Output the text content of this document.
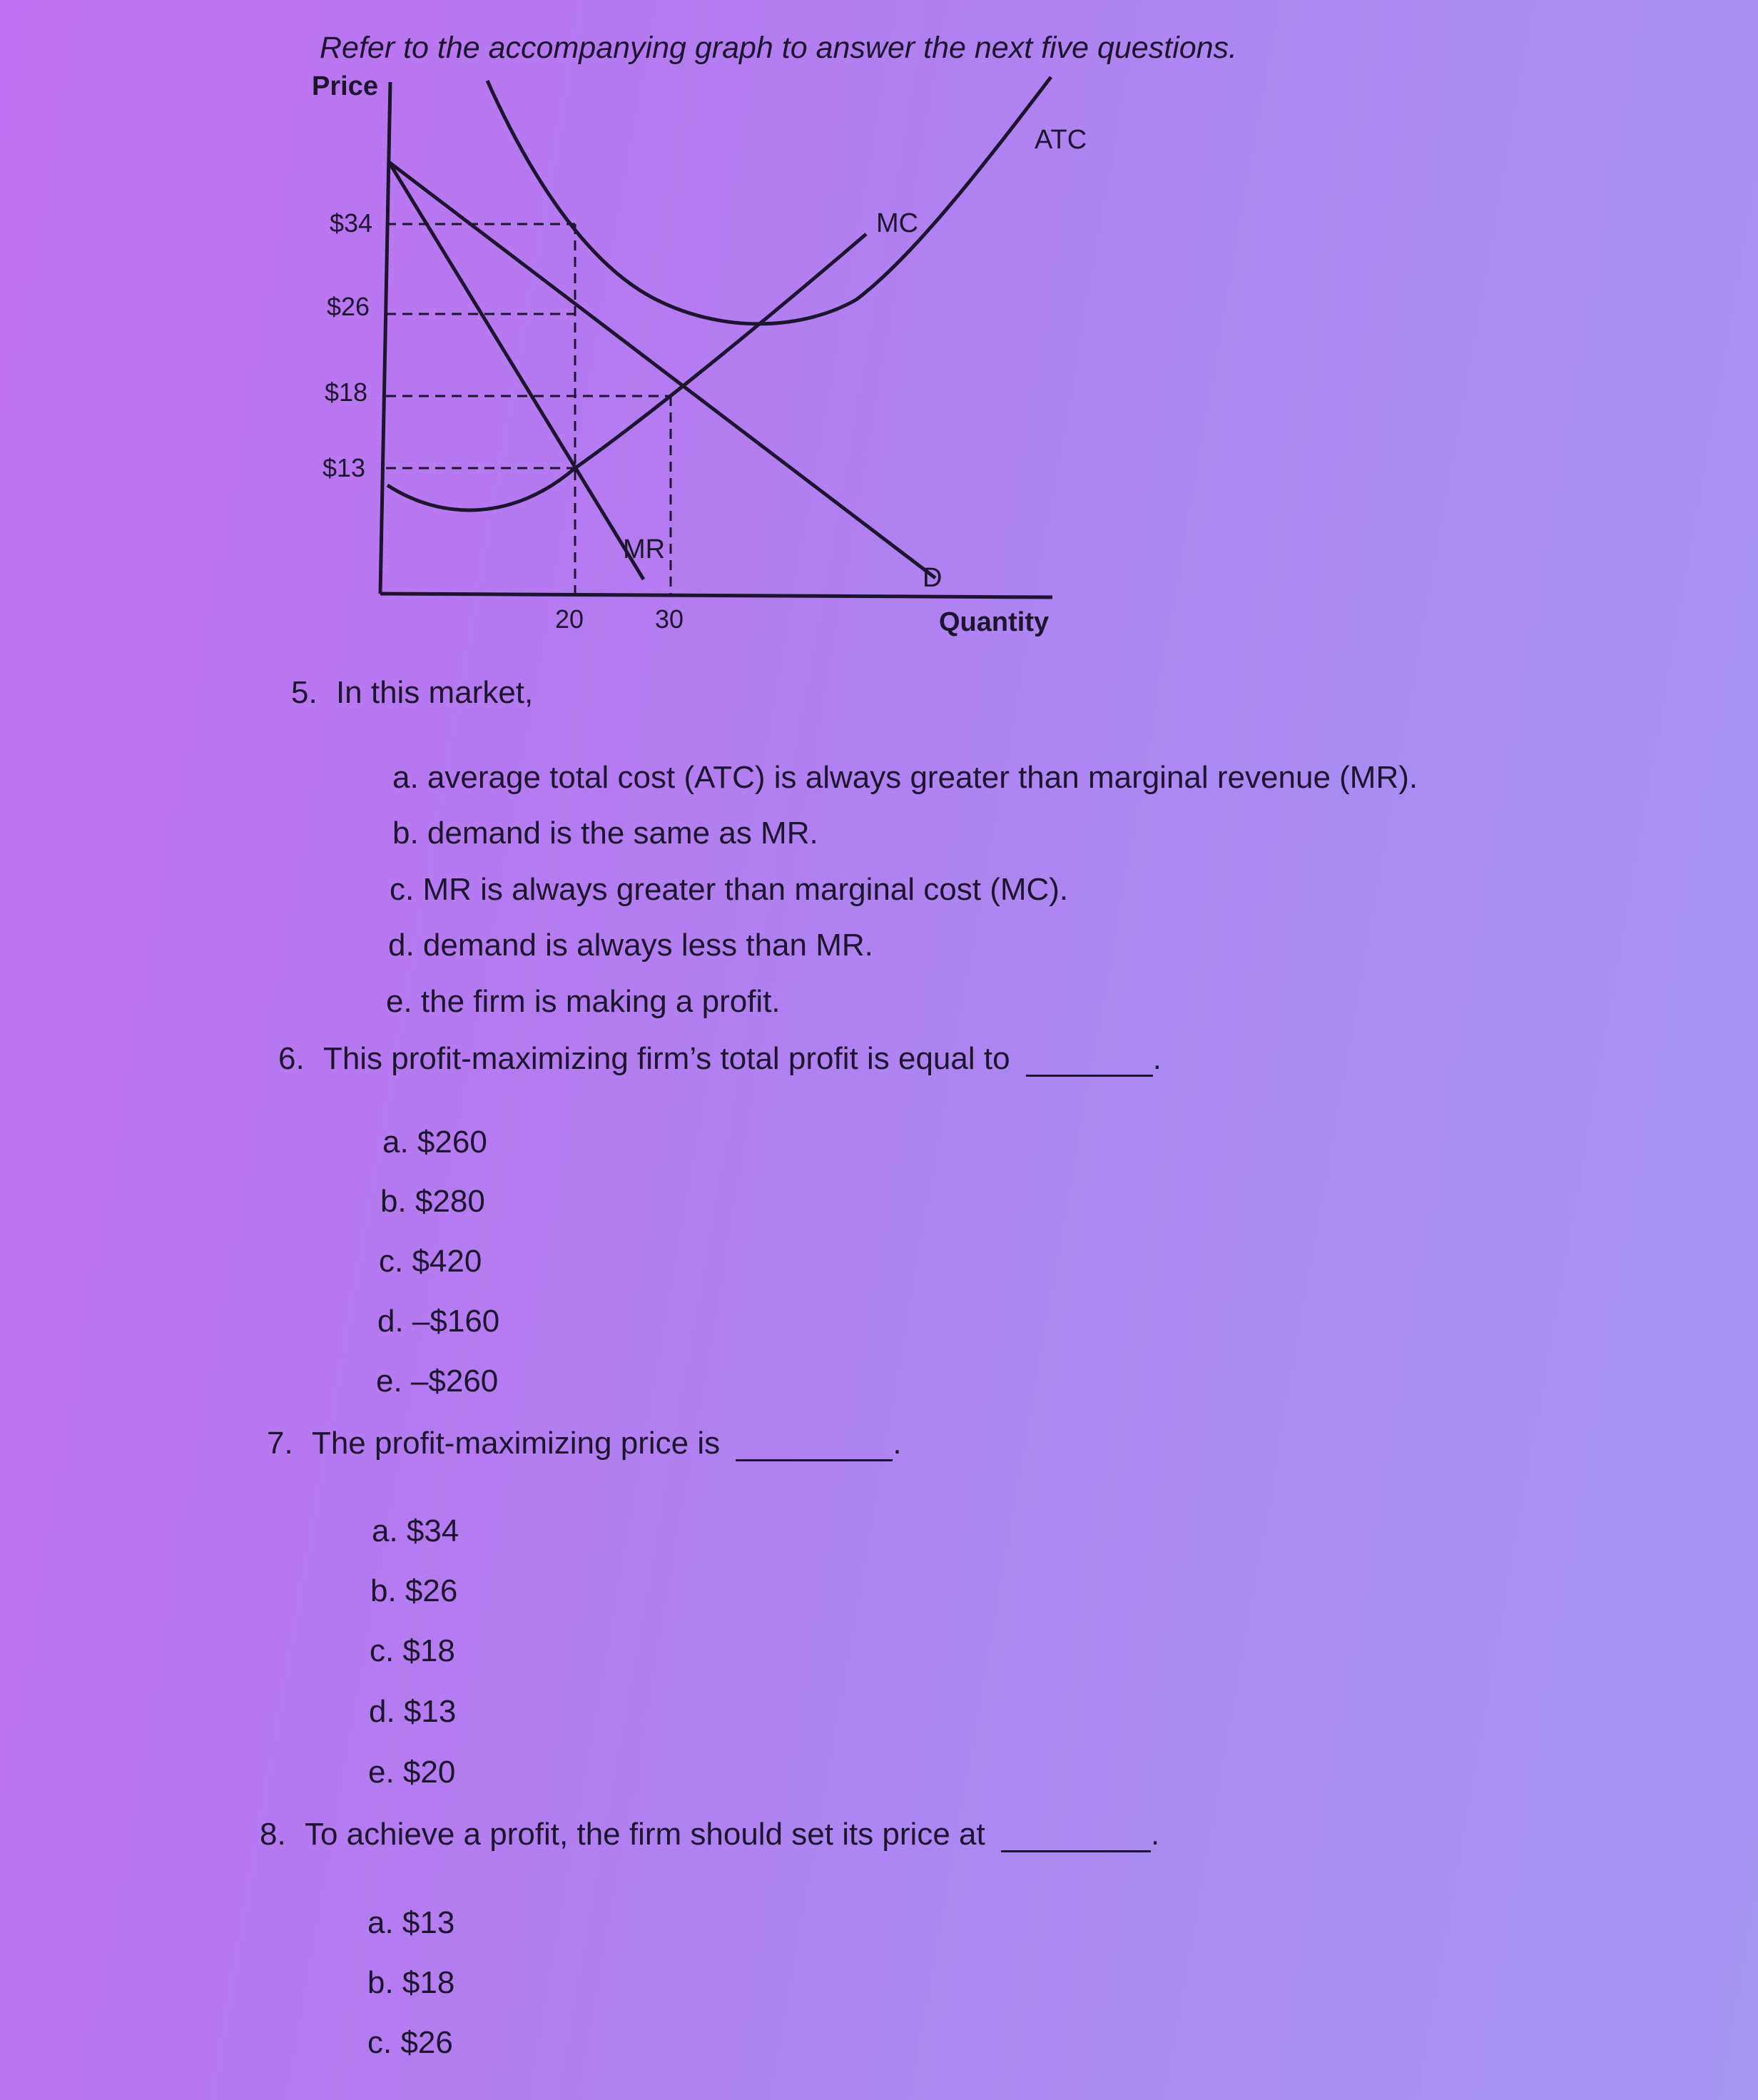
Refer to the accompanying graph to answer the next five questions.
Price
Quantity
$34
$26
$18
$13
20	30
ATC
MC
MR
D
5. In this market,
a. average total cost (ATC) is always greater than marginal revenue (MR).
b. demand is the same as MR.
c. MR is always greater than marginal cost (MC).
d. demand is always less than MR.
e. the firm is making a profit.
6. This profit-maximizing firm’s total profit is equal to	.
a. $260
b. $280
c. $420
d. –$160
e. –$260
7. The profit-maximizing price is	.
a. $34
b. $26
c. $18
d. $13
e. $20
8. To achieve a profit, the firm should set its price at	.
a. $13
b. $18
c. $26
